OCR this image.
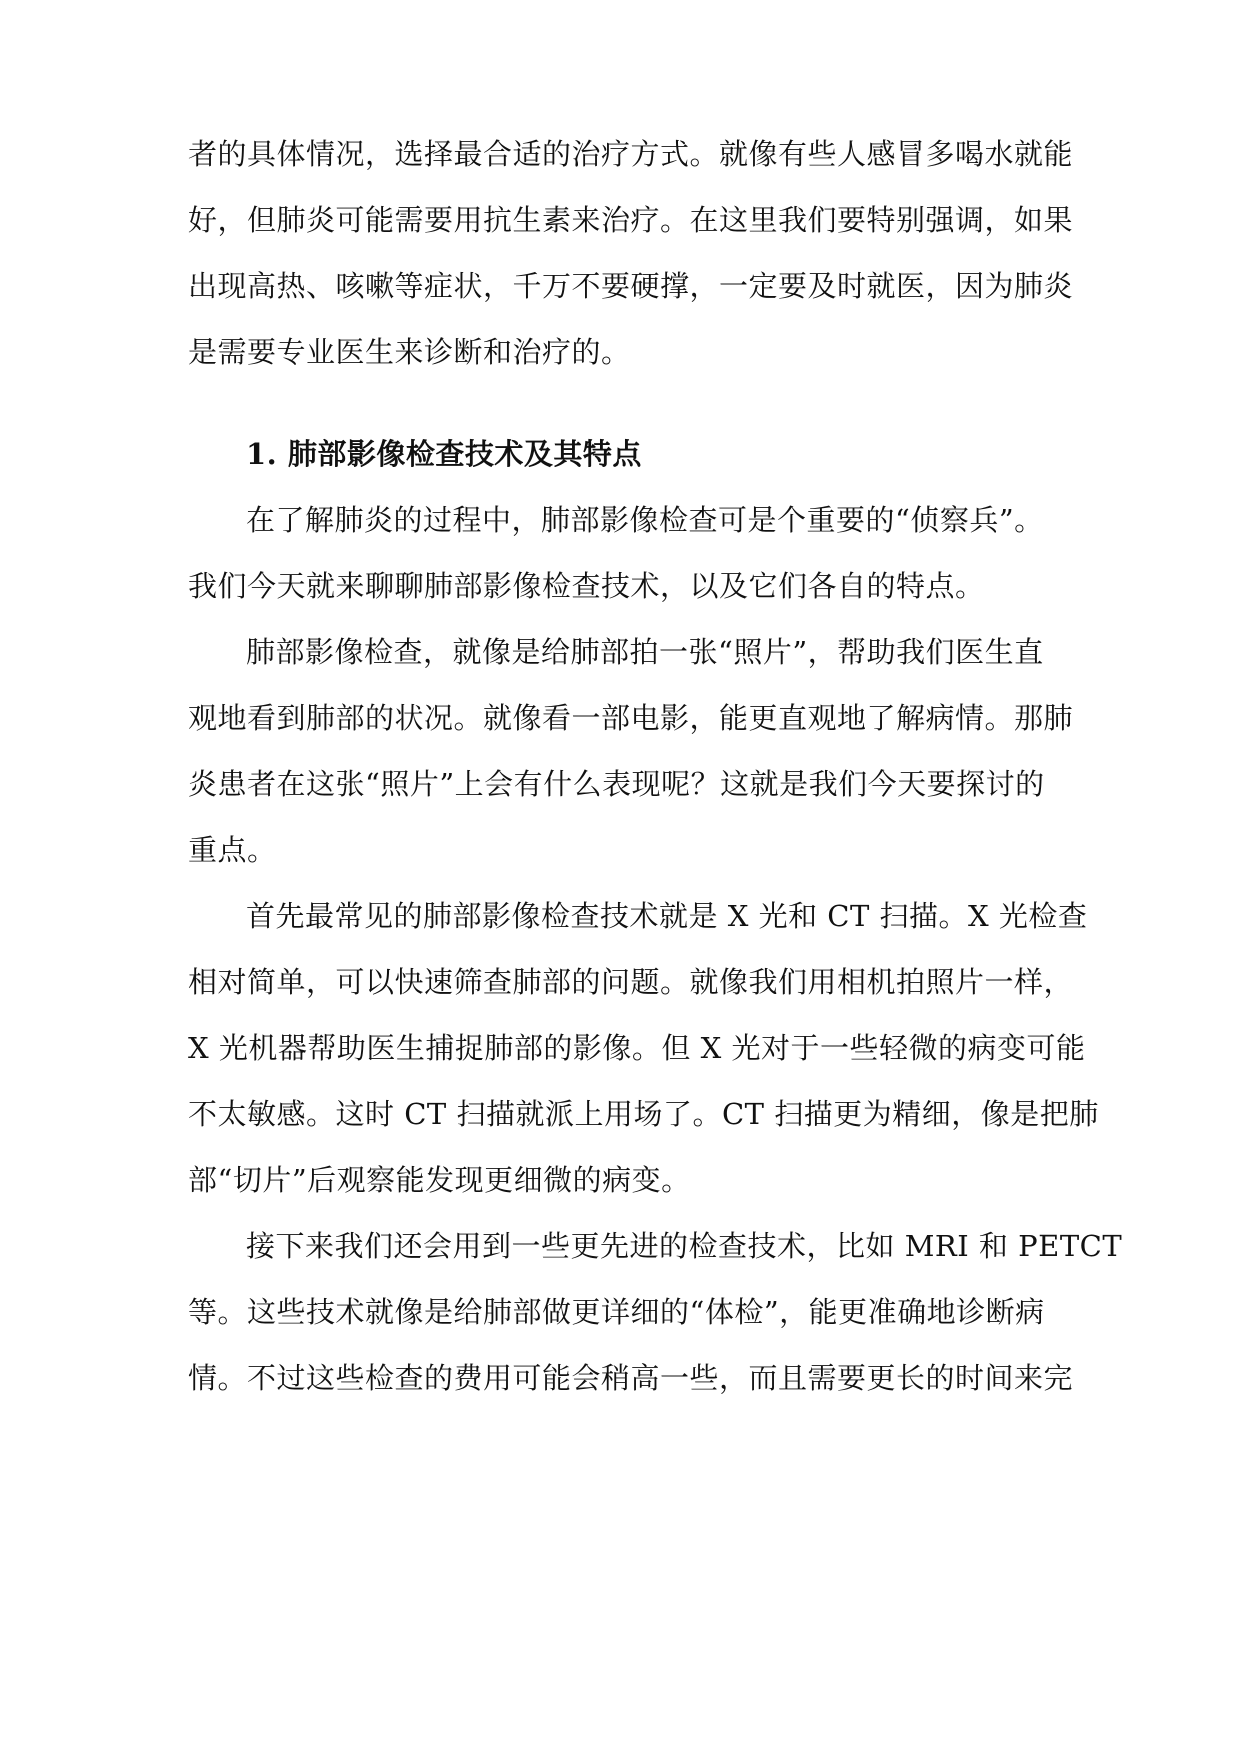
者的具体情况，选择最合适的治疗方式。就像有些人感冒多喝水就能
好，但肺炎可能需要用抗生素来治疗。在这里我们要特别强调，如果
出现高热、咳嗽等症状，千万不要硬撑，一定要及时就医，因为肺炎
是需要专业医生来诊断和治疗的。
1. 肺部影像检查技术及其特点
在了解肺炎的过程中，肺部影像检查可是个重要的“侦察兵”。
我们今天就来聊聊肺部影像检查技术，以及它们各自的特点。
肺部影像检查，就像是给肺部拍一张“照片”，帮助我们医生直
观地看到肺部的状况。就像看一部电影，能更直观地了解病情。那肺
炎患者在这张“照片”上会有什么表现呢？这就是我们今天要探讨的
重点。
首先最常见的肺部影像检查技术就是 X 光和 CT 扫描。X 光检查
相对简单，可以快速筛查肺部的问题。就像我们用相机拍照片一样，
X 光机器帮助医生捕捉肺部的影像。但 X 光对于一些轻微的病变可能
不太敏感。这时 CT 扫描就派上用场了。CT 扫描更为精细，像是把肺
部“切片”后观察能发现更细微的病变。
接下来我们还会用到一些更先进的检查技术，比如 MRI 和 PETCT
等。这些技术就像是给肺部做更详细的“体检”，能更准确地诊断病
情。不过这些检查的费用可能会稍高一些，而且需要更长的时间来完
